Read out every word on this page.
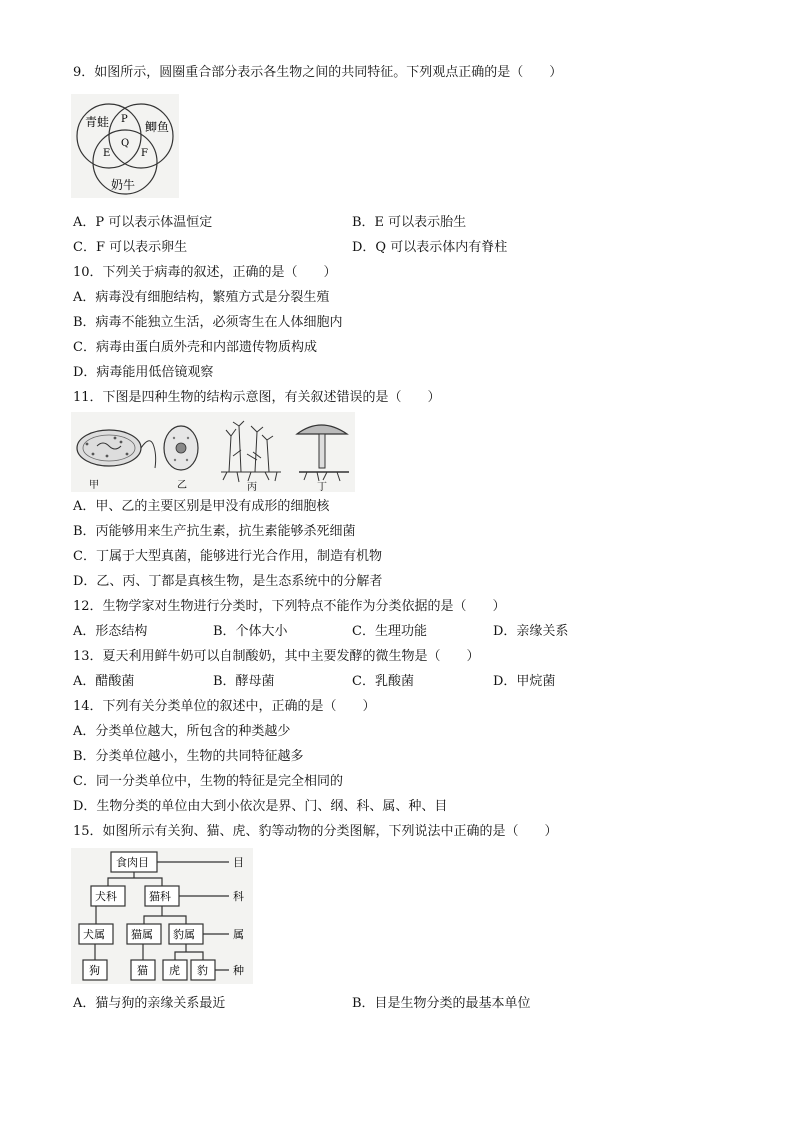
9．如图所示，圆圈重合部分表示各生物之间的共同特征。下列观点正确的是（　　）
青蛙	鲫鱼
奶牛
P
E
Q
F
A．P 可以表示体温恒定	B．E 可以表示胎生
C．F 可以表示卵生	D．Q 可以表示体内有脊柱
10．下列关于病毒的叙述，正确的是（　　）
A．病毒没有细胞结构，繁殖方式是分裂生殖
B．病毒不能独立生活，必须寄生在人体细胞内
C．病毒由蛋白质外壳和内部遗传物质构成
D．病毒能用低倍镜观察
11．下图是四种生物的结构示意图，有关叙述错误的是（　　）
甲	乙	丙	丁
A．甲、乙的主要区别是甲没有成形的细胞核
B．丙能够用来生产抗生素，抗生素能够杀死细菌
C．丁属于大型真菌，能够进行光合作用，制造有机物
D．乙、丙、丁都是真核生物，是生态系统中的分解者
12．生物学家对生物进行分类时，下列特点不能作为分类依据的是（　　）
A．形态结构	B．个体大小	C．生理功能	D．亲缘关系
13．夏天利用鲜牛奶可以自制酸奶，其中主要发酵的微生物是（　　）
A．醋酸菌	B．酵母菌	C．乳酸菌	D．甲烷菌
14．下列有关分类单位的叙述中，正确的是（　　）
A．分类单位越大，所包含的种类越少
B．分类单位越小，生物的共同特征越多
C．同一分类单位中，生物的特征是完全相同的
D．生物分类的单位由大到小依次是界、门、纲、科、属、种、目
15．如图所示有关狗、猫、虎、豹等动物的分类图解，下列说法中正确的是（　　）
食肉目
犬科	猫科
犬属 猫属 豹属
狗	猫 虎 豹
目
科
属
种
A．猫与狗的亲缘关系最近	B．目是生物分类的最基本单位
